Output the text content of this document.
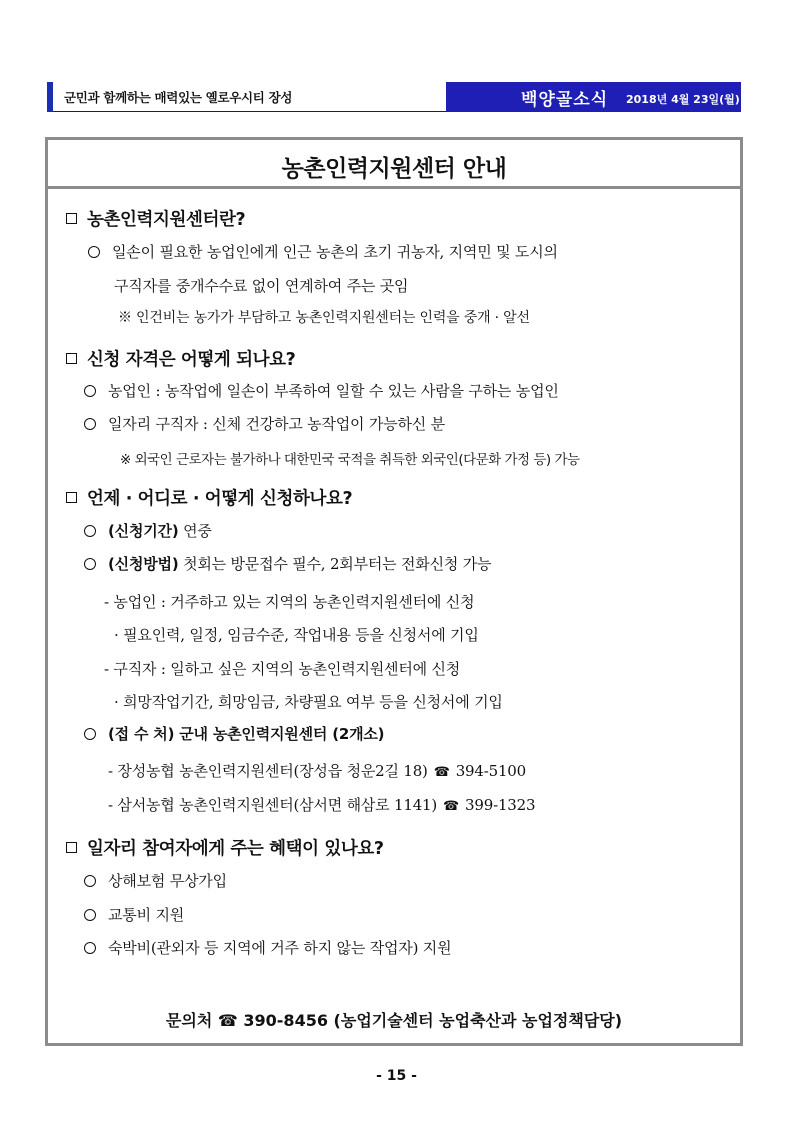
군민과 함께하는 매력있는 옐로우시티 장성	백양골소식 2018년 4월 23일(월)
농촌인력지원센터 안내
농촌인력지원센터란?
일손이 필요한 농업인에게 인근 농촌의 초기 귀농자, 지역민 및 도시의
구직자를 중개수수료 없이 연계하여 주는 곳임
※ 인건비는 농가가 부담하고 농촌인력지원센터는 인력을 중개 · 알선
신청 자격은 어떻게 되나요?
농업인 : 농작업에 일손이 부족하여 일할 수 있는 사람을 구하는 농업인
일자리 구직자 : 신체 건강하고 농작업이 가능하신 분
※ 외국인 근로자는 불가하나 대한민국 국적을 취득한 외국인(다문화 가정 등) 가능
언제 · 어디로 · 어떻게 신청하나요?
(신청기간) 연중
(신청방법) 첫회는 방문접수 필수, 2회부터는 전화신청 가능
- 농업인 : 거주하고 있는 지역의 농촌인력지원센터에 신청
· 필요인력, 일정, 임금수준, 작업내용 등을 신청서에 기입
- 구직자 : 일하고 싶은 지역의 농촌인력지원센터에 신청
· 희망작업기간, 희망임금, 차량필요 여부 등을 신청서에 기입
(접 수 처) 군내 농촌인력지원센터 (2개소)
- 장성농협 농촌인력지원센터(장성읍 청운2길 18) ☎ 394-5100
- 삼서농협 농촌인력지원센터(삼서면 해삼로 1141) ☎ 399-1323
일자리 참여자에게 주는 혜택이 있나요?
상해보험 무상가입
교통비 지원
숙박비(관외자 등 지역에 거주 하지 않는 작업자) 지원
문의처 ☎ 390-8456 (농업기술센터 농업축산과 농업정책담당)
- 15 -
